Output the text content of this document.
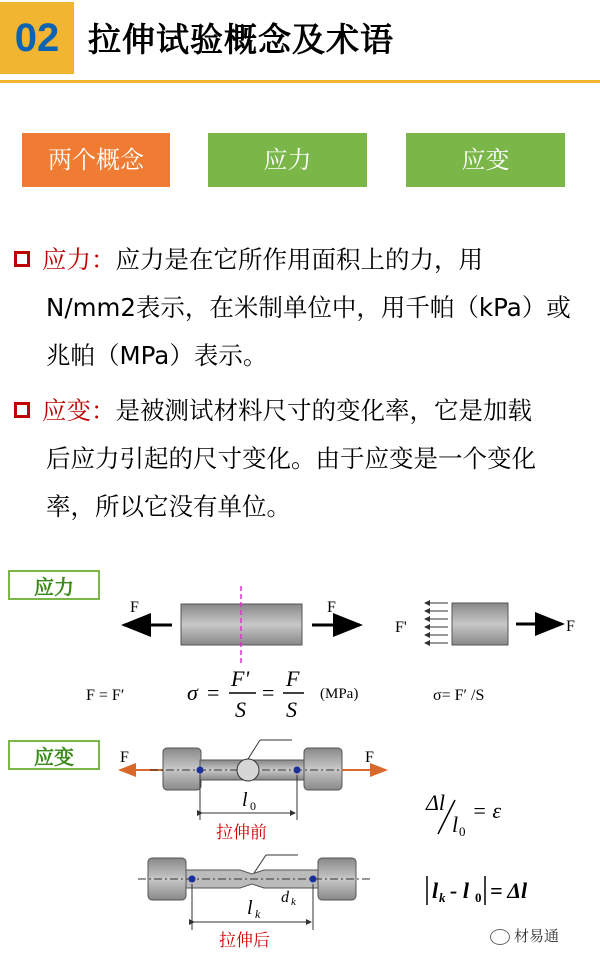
02 拉伸试验概念及术语
两个概念	应力	应变
应力：应力是在它所作用面积上的力，用
N/mm2表示，在米制单位中，用千帕（kPa）或
兆帕（MPa）表示。
应变：是被测试材料尺寸的变化率，它是加载
后应力引起的尺寸变化。由于应变是一个变化
率，所以它没有单位。
应力
应变
F	F
F'	F
F = F′	σ =
F'
S
=
F
S
(MPa)	σ= F′ /S
F	F
l 0
拉伸前
Δl
l 0
= ε
d k
l k
拉伸后
l k - l 0 = Δl
材易通
